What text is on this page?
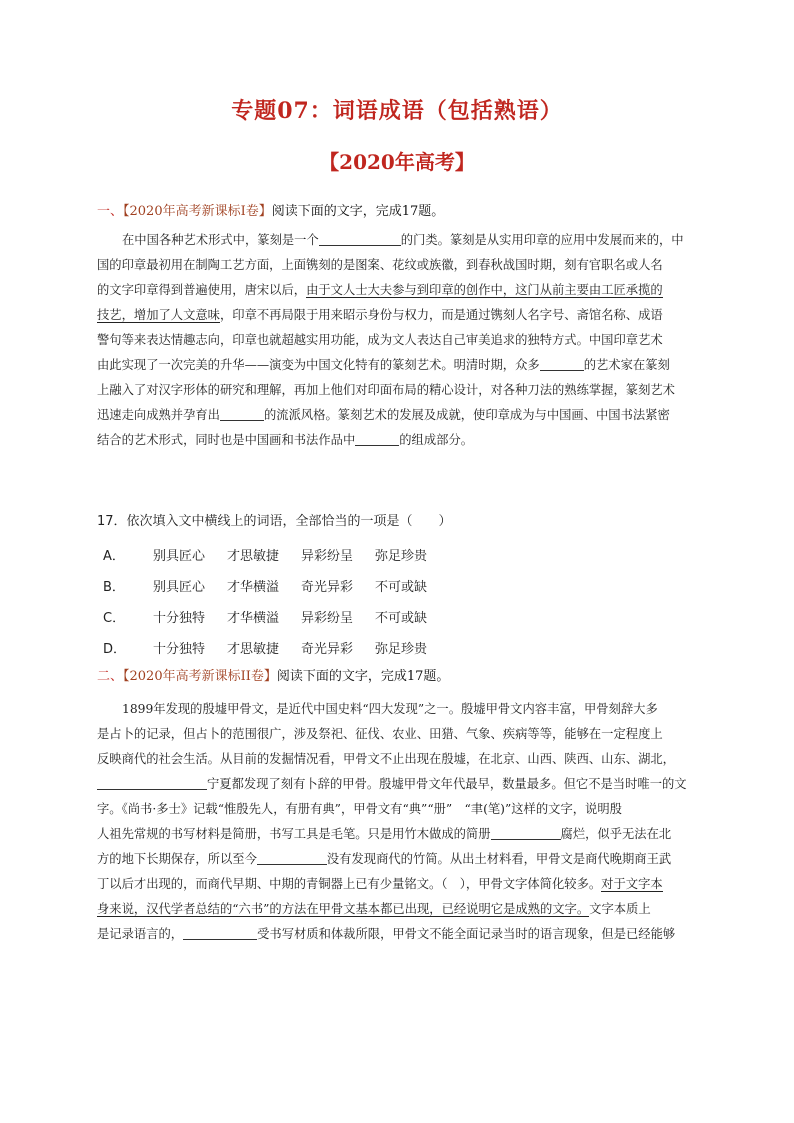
专题07：词语成语（包括熟语）
【2020年高考】
一、【2020年高考新课标Ⅰ卷】阅读下面的文字，完成17题。
在中国各种艺术形式中，篆刻是一个	的门类。篆刻是从实用印章的应用中发展而来的，中
国的印章最初用在制陶工艺方面，上面镌刻的是图案、花纹或族徽，到春秋战国时期，刻有官职名或人名
的文字印章得到普遍使用，唐宋以后，由于文人士大夫参与到印章的创作中，这门从前主要由工匠承揽的
技艺，增加了人文意味，印章不再局限于用来昭示身份与权力，而是通过镌刻人名字号、斋馆名称、成语
警句等来表达情趣志向，印章也就超越实用功能，成为文人表达自己审美追求的独特方式。中国印章艺术
由此实现了一次完美的升华——演变为中国文化特有的篆刻艺术。明清时期，众多	的艺术家在篆刻
上融入了对汉字形体的研究和理解，再加上他们对印面布局的精心设计，对各种刀法的熟练掌握，篆刻艺术
迅速走向成熟并孕育出	的流派风格。篆刻艺术的发展及成就，使印章成为与中国画、中国书法紧密
结合的艺术形式，同时也是中国画和书法作品中	的组成部分。
17．依次填入文中横线上的词语，全部恰当的一项是（　　）
A． 别具匠心 才思敏捷 异彩纷呈 弥足珍贵
B． 别具匠心 才华横溢 奇光异彩 不可或缺
C． 十分独特 才华横溢 异彩纷呈 不可或缺
D． 十分独特 才思敏捷 奇光异彩 弥足珍贵
二、【2020年高考新课标II卷】阅读下面的文字，完成17题。
1899年发现的殷墟甲骨文，是近代中国史料“四大发现”之一。殷墟甲骨文内容丰富，甲骨刻辞大多
是占卜的记录，但占卜的范围很广，涉及祭祀、征伐、农业、田猎、气象、疾病等等，能够在一定程度上
反映商代的社会生活。从目前的发掘情况看，甲骨文不止出现在殷墟，在北京、山西、陕西、山东、湖北，
宁夏都发现了刻有卜辞的甲骨。殷墟甲骨文年代最早，数量最多。但它不是当时唯一的文
字。《尚书·多士》记载“惟殷先人，有册有典”，甲骨文有“典”“册”　“聿(笔)”这样的文字，说明殷
人祖先常规的书写材料是简册，书写工具是毛笔。只是用竹木做成的简册	腐烂，似乎无法在北
方的地下长期保存，所以至今	没有发现商代的竹简。从出土材料看，甲骨文是商代晚期商王武
丁以后才出现的，而商代早期、中期的青铜器上已有少量铭文。（　），甲骨文字体简化较多。对于文字本
身来说，汉代学者总结的“六书”的方法在甲骨文基本都已出现，已经说明它是成熟的文字。文字本质上
是记录语言的，	受书写材质和体裁所限，甲骨文不能全面记录当时的语言现象，但是已经能够
